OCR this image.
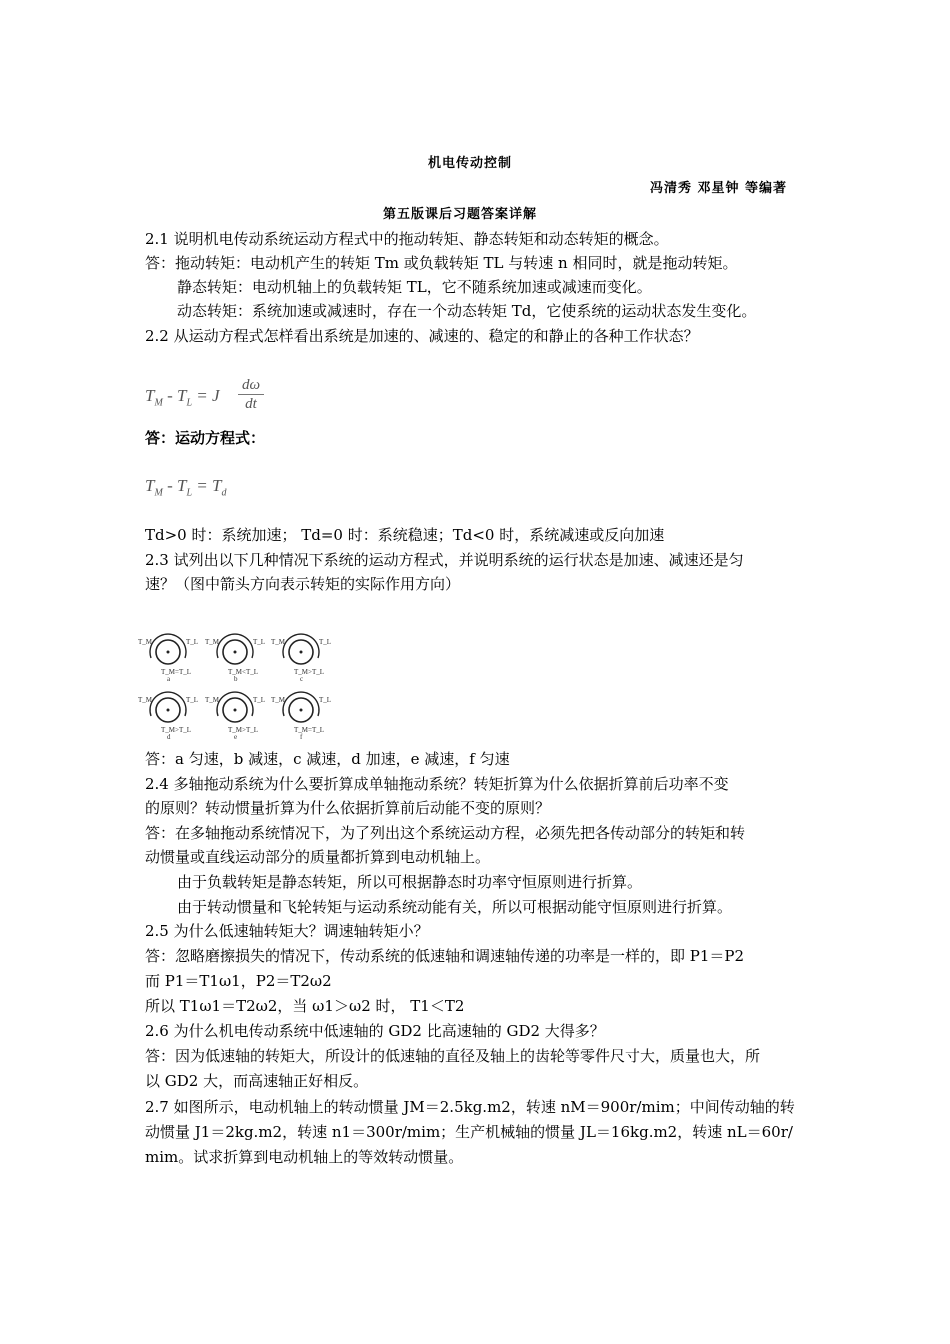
机电传动控制
冯清秀 邓星钟 等编著
第五版课后习题答案详解
2.1 说明机电传动系统运动方程式中的拖动转矩、静态转矩和动态转矩的概念。
答：拖动转矩：电动机产生的转矩 Tm 或负载转矩 TL 与转速 n 相同时，就是拖动转矩。
静态转矩：电动机轴上的负载转矩 TL，它不随系统加速或减速而变化。
动态转矩：系统加速或减速时，存在一个动态转矩 Td，它使系统的运动状态发生变化。
2.2 从运动方程式怎样看出系统是加速的、减速的、稳定的和静止的各种工作状态？
$T_M - T_L = J$
dω
dt
答：运动方程式：
$T_M - T_L = T_d$
Td>0 时：系统加速； Td=0 时：系统稳速；Td<0 时，系统减速或反向加速
2.3 试列出以下几种情况下系统的运动方程式，并说明系统的运行状态是加速、减速还是匀
速？（图中箭头方向表示转矩的实际作用方向）
T_M	T_L
T_M=T_L
a
T_M	T_L
T_M<T_L
b
T_M	T_L
T_M>T_L
c
T_M	T_L
T_M>T_L
d
T_M	T_L
T_M>T_L
e
T_M	T_L
T_M=T_L
f
答：a 匀速，b 减速，c 减速，d 加速，e 减速，f 匀速
2.4 多轴拖动系统为什么要折算成单轴拖动系统？转矩折算为什么依据折算前后功率不变
的原则？转动惯量折算为什么依据折算前后动能不变的原则？
答：在多轴拖动系统情况下，为了列出这个系统运动方程，必须先把各传动部分的转矩和转
动惯量或直线运动部分的质量都折算到电动机轴上。
由于负载转矩是静态转矩，所以可根据静态时功率守恒原则进行折算。
由于转动惯量和飞轮转矩与运动系统动能有关，所以可根据动能守恒原则进行折算。
2.5 为什么低速轴转矩大？调速轴转矩小？
答：忽略磨擦损失的情况下，传动系统的低速轴和调速轴传递的功率是一样的，即 P1＝P2
而 P1＝T1ω1，P2＝T2ω2
所以 T1ω1＝T2ω2，当 ω1＞ω2 时， T1＜T2
2.6 为什么机电传动系统中低速轴的 GD2 比高速轴的 GD2 大得多？
答：因为低速轴的转矩大，所设计的低速轴的直径及轴上的齿轮等零件尺寸大，质量也大，所
以 GD2 大，而高速轴正好相反。
2.7 如图所示，电动机轴上的转动惯量 JM＝2.5kg.m2，转速 nM＝900r/mim；中间传动轴的转
动惯量 J1＝2kg.m2，转速 n1＝300r/mim；生产机械轴的惯量 JL＝16kg.m2，转速 nL＝60r/
mim。试求折算到电动机轴上的等效转动惯量。
